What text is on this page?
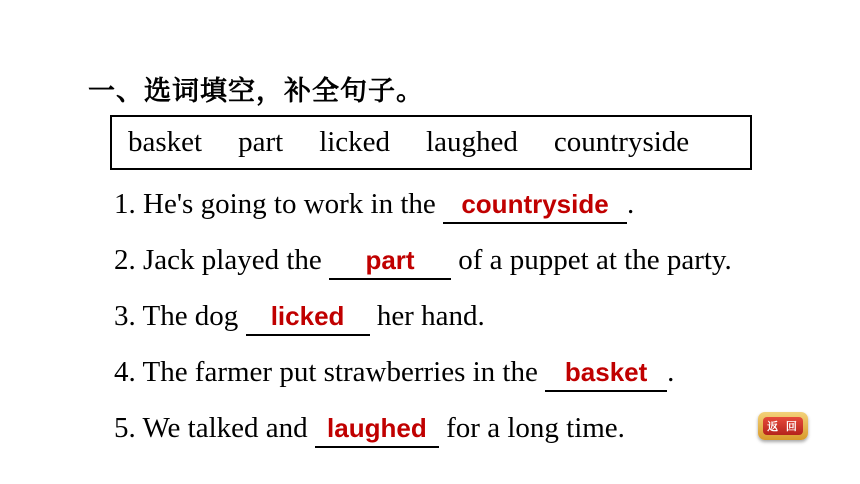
一、选词填空，补全句子。
basket part licked laughed countryside
1. He's going to work in the countryside .
2. Jack played the part of a puppet at the party.
3. The dog licked her hand.
4. The farmer put strawberries in the basket .
5. We talked and laughed for a long time.	返 回
